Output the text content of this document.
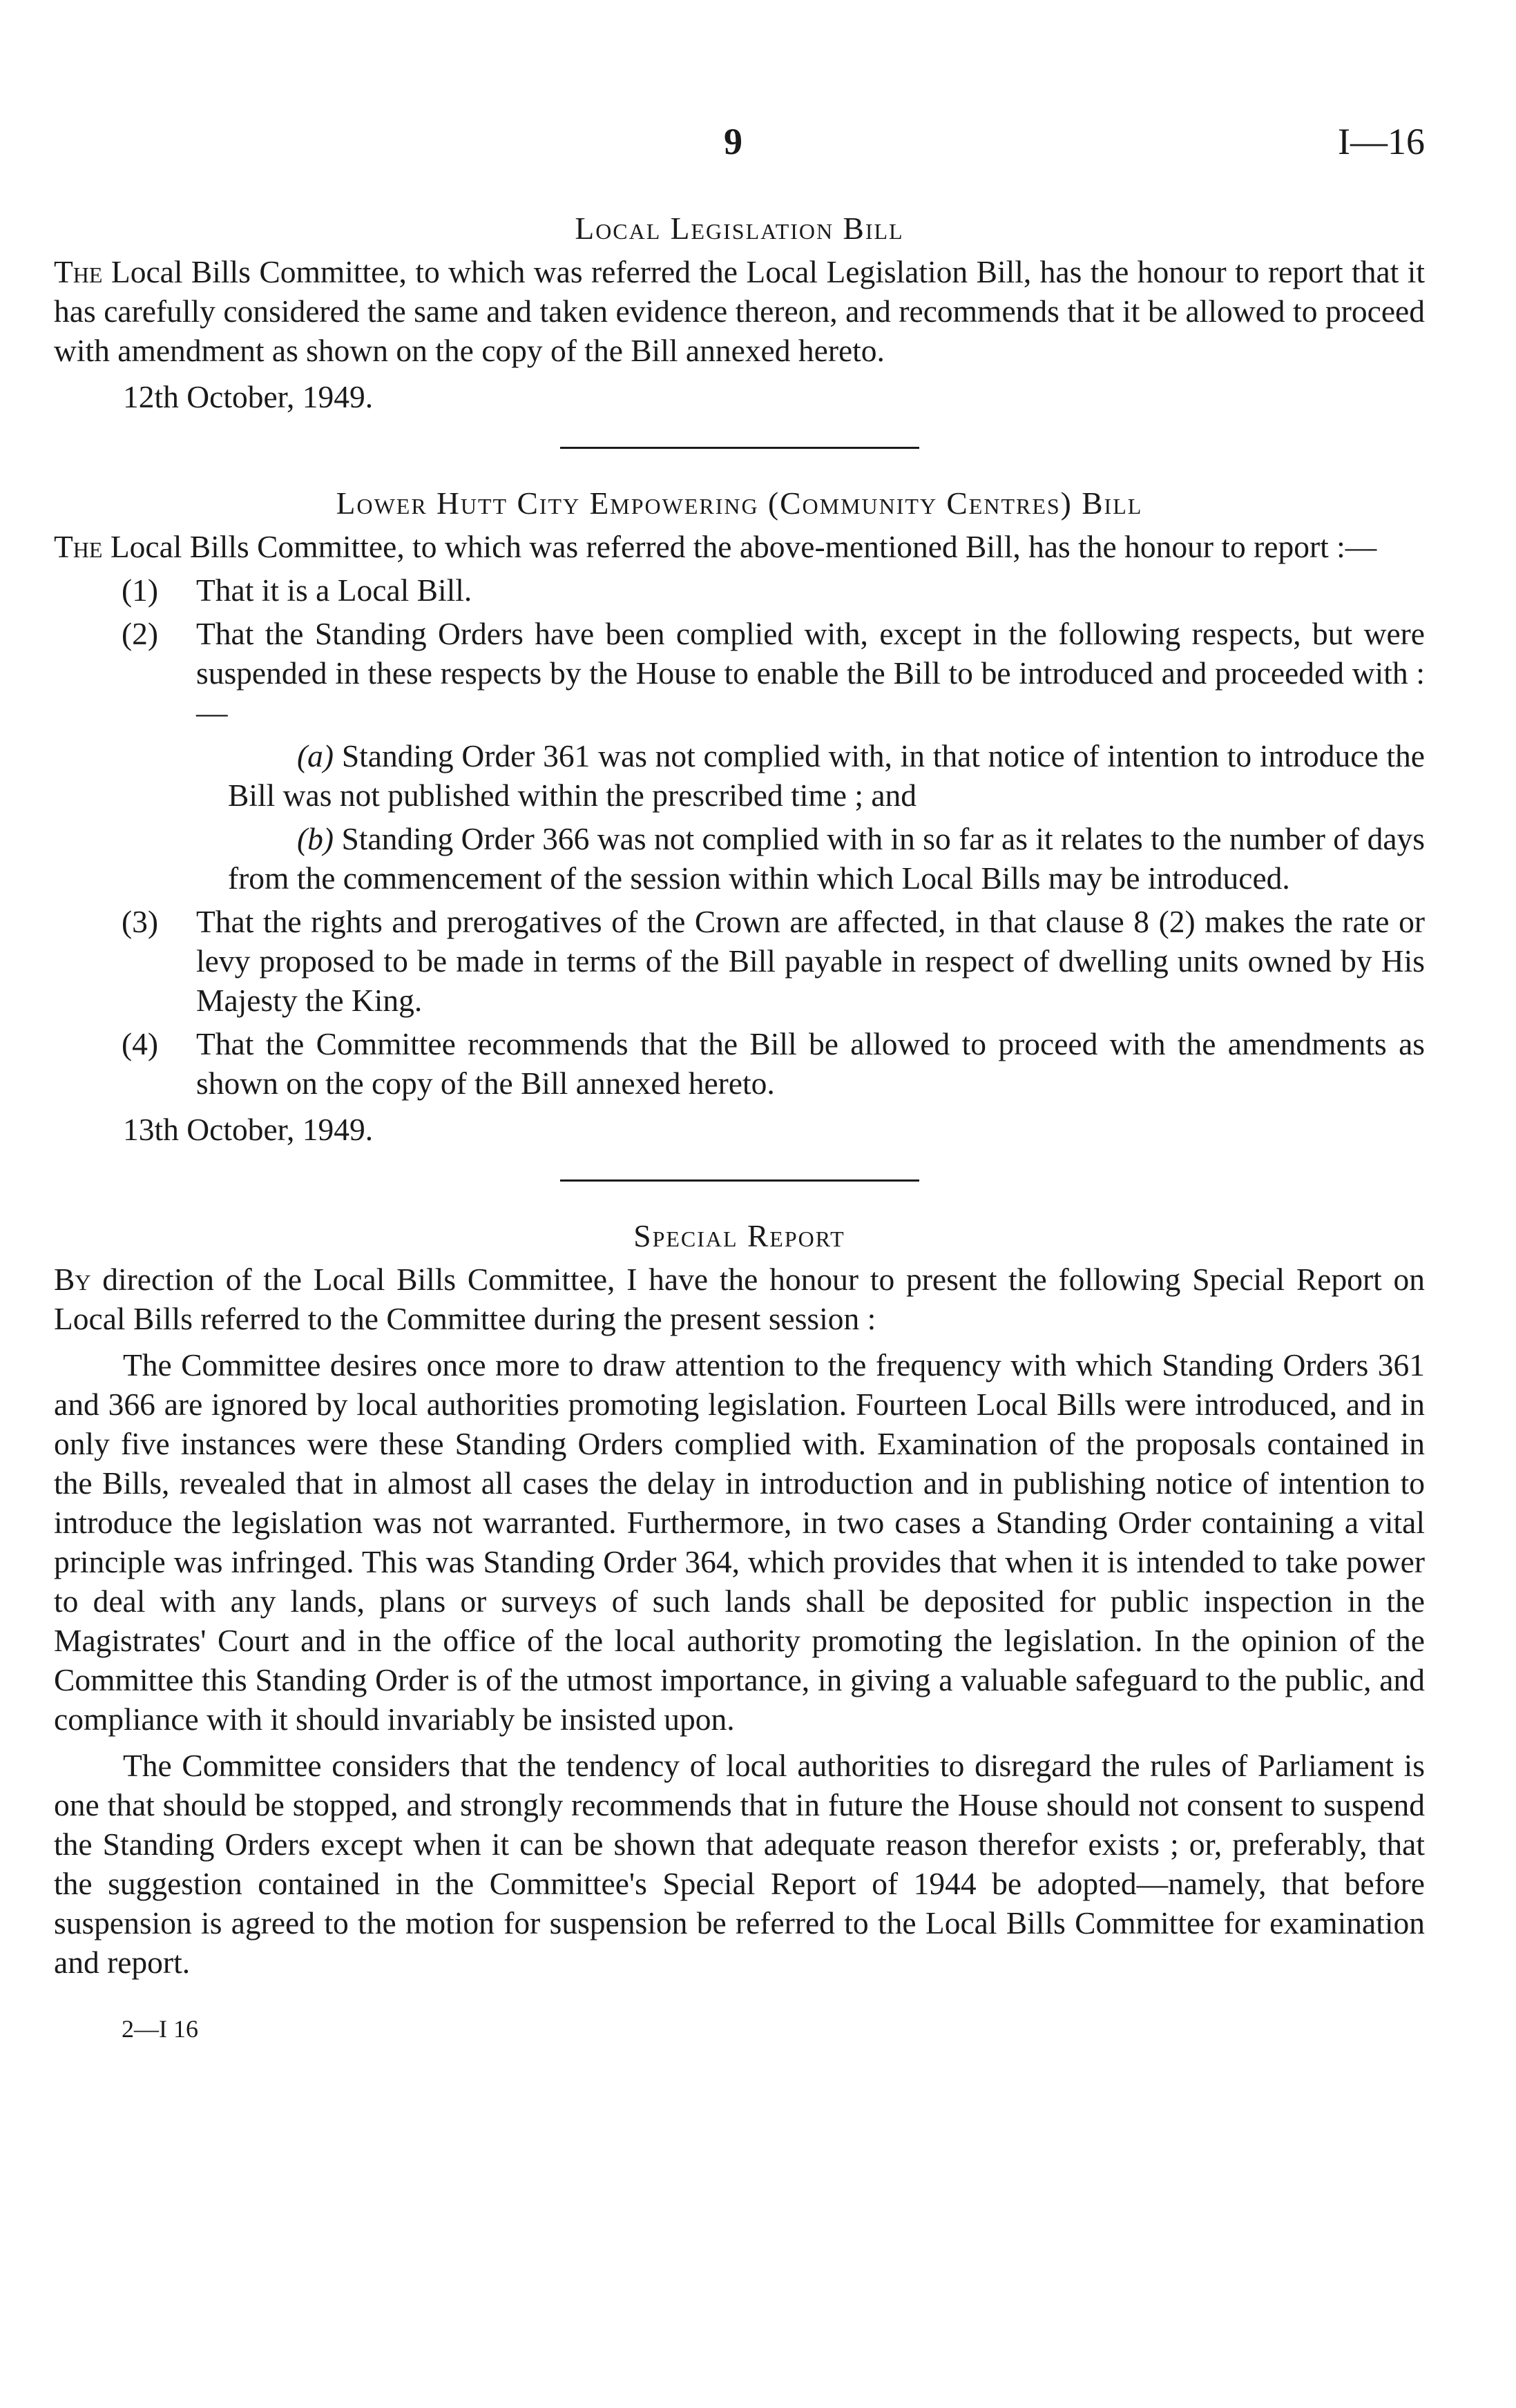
9	I—16
Local Legislation Bill

The Local Bills Committee, to which was referred the Local Legislation Bill, has the honour to report that it has carefully considered the same and taken evidence thereon, and recommends that it be allowed to proceed with amendment as shown on the copy of the Bill annexed hereto.

12th October, 1949.

Lower Hutt City Empowering (Community Centres) Bill

The Local Bills Committee, to which was referred the above-mentioned Bill, has the honour to report :—

(1)	That it is a Local Bill.
(2)	That the Standing Orders have been complied with, except in the following respects, but were suspended in these respects by the House to enable the Bill to be introduced and proceeded with :—

(a) Standing Order 361 was not complied with, in that notice of intention to introduce the Bill was not published within the prescribed time ; and

(b) Standing Order 366 was not complied with in so far as it relates to the number of days from the commencement of the session within which Local Bills may be introduced.

(3)	That the rights and prerogatives of the Crown are affected, in that clause 8 (2) makes the rate or levy proposed to be made in terms of the Bill payable in respect of dwelling units owned by His Majesty the King.
(4)	That the Committee recommends that the Bill be allowed to proceed with the amendments as shown on the copy of the Bill annexed hereto.

13th October, 1949.

Special Report

By direction of the Local Bills Committee, I have the honour to present the following Special Report on Local Bills referred to the Committee during the present session :

The Committee desires once more to draw attention to the frequency with which Standing Orders 361 and 366 are ignored by local authorities promoting legislation. Fourteen Local Bills were introduced, and in only five instances were these Standing Orders complied with. Examination of the proposals contained in the Bills, revealed that in almost all cases the delay in introduction and in publishing notice of intention to introduce the legislation was not warranted. Furthermore, in two cases a Standing Order containing a vital principle was infringed. This was Standing Order 364, which provides that when it is intended to take power to deal with any lands, plans or surveys of such lands shall be deposited for public inspection in the Magistrates' Court and in the office of the local authority promoting the legislation. In the opinion of the Committee this Standing Order is of the utmost importance, in giving a valuable safeguard to the public, and compliance with it should invariably be insisted upon.

The Committee considers that the tendency of local authorities to disregard the rules of Parliament is one that should be stopped, and strongly recommends that in future the House should not consent to suspend the Standing Orders except when it can be shown that adequate reason therefor exists ; or, preferably, that the suggestion contained in the Committee's Special Report of 1944 be adopted—namely, that before suspension is agreed to the motion for suspension be referred to the Local Bills Committee for examination and report.

2—I 16
